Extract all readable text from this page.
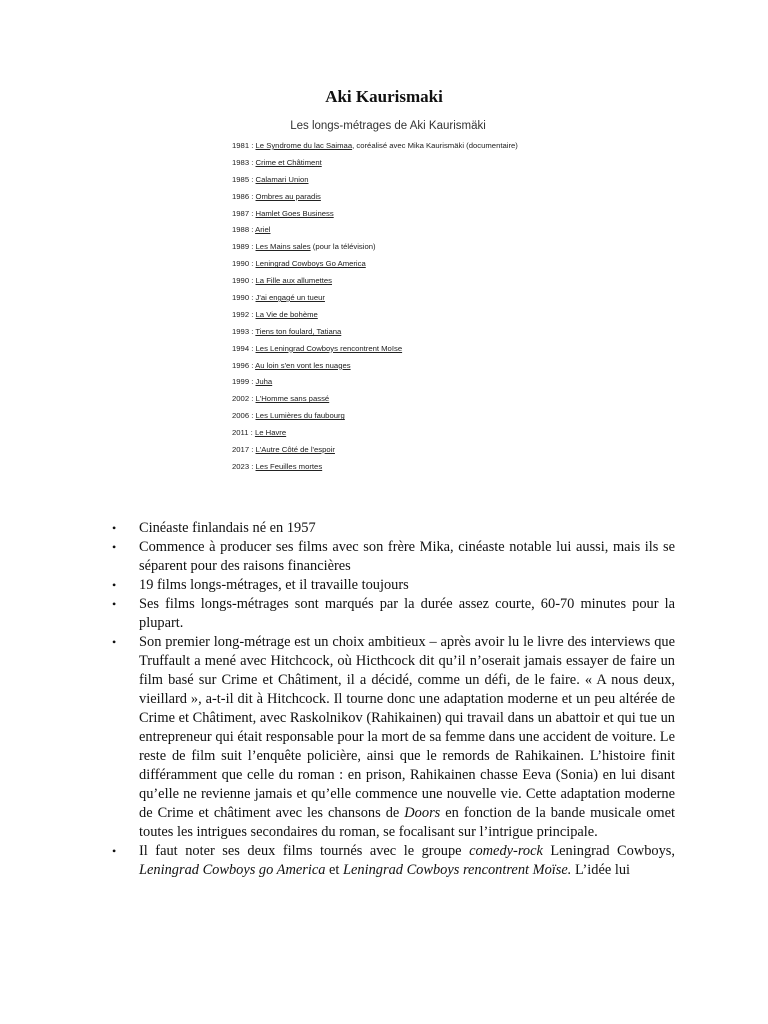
Aki Kaurismaki
Les longs-métrages de Aki Kaurismäki
1981 : Le Syndrome du lac Saimaa, coréalisé avec Mika Kaurismäki (documentaire)
1983 : Crime et Châtiment
1985 : Calamari Union
1986 : Ombres au paradis
1987 : Hamlet Goes Business
1988 : Ariel
1989 : Les Mains sales (pour la télévision)
1990 : Leningrad Cowboys Go America
1990 : La Fille aux allumettes
1990 : J'ai engagé un tueur
1992 : La Vie de bohème
1993 : Tiens ton foulard, Tatiana
1994 : Les Leningrad Cowboys rencontrent Moïse
1996 : Au loin s'en vont les nuages
1999 : Juha
2002 : L'Homme sans passé
2006 : Les Lumières du faubourg
2011 : Le Havre
2017 : L'Autre Côté de l'espoir
2023 : Les Feuilles mortes
•	Cinéaste finlandais né en 1957
•	Commence à producer ses films avec son frère Mika, cinéaste notable lui aussi, mais ils se séparent pour des raisons financières
•	19 films longs-métrages, et il travaille toujours
•	Ses films longs-métrages sont marqués par la durée assez courte, 60-70 minutes pour la plupart.
•	Son premier long-métrage est un choix ambitieux – après avoir lu le livre des interviews que Truffault a mené avec Hitchcock, où Hicthcock dit qu’il n’oserait jamais essayer de faire un film basé sur Crime et Châtiment, il a décidé, comme un défi, de le faire. « A nous deux, vieillard », a-t-il dit à Hitchcock. Il tourne donc une adaptation moderne et un peu altérée de Crime et Châtiment, avec Raskolnikov (Rahikainen) qui travail dans un abattoir et qui tue un entrepreneur qui était responsable pour la mort de sa femme dans une accident de voiture. Le reste de film suit l’enquête policière, ainsi que le remords de Rahikainen. L’histoire finit différamment que celle du roman : en prison, Rahikainen chasse Eeva (Sonia) en lui disant qu’elle ne revienne jamais et qu’elle commence une nouvelle vie. Cette adaptation moderne de Crime et châtiment avec les chansons de Doors en fonction de la bande musicale omet toutes les intrigues secondaires du roman, se focalisant sur l’intrigue principale.
•	Il faut noter ses deux films tournés avec le groupe comedy-rock Leningrad Cowboys, Leningrad Cowboys go America et Leningrad Cowboys rencontrent Moïse. L’idée lui
